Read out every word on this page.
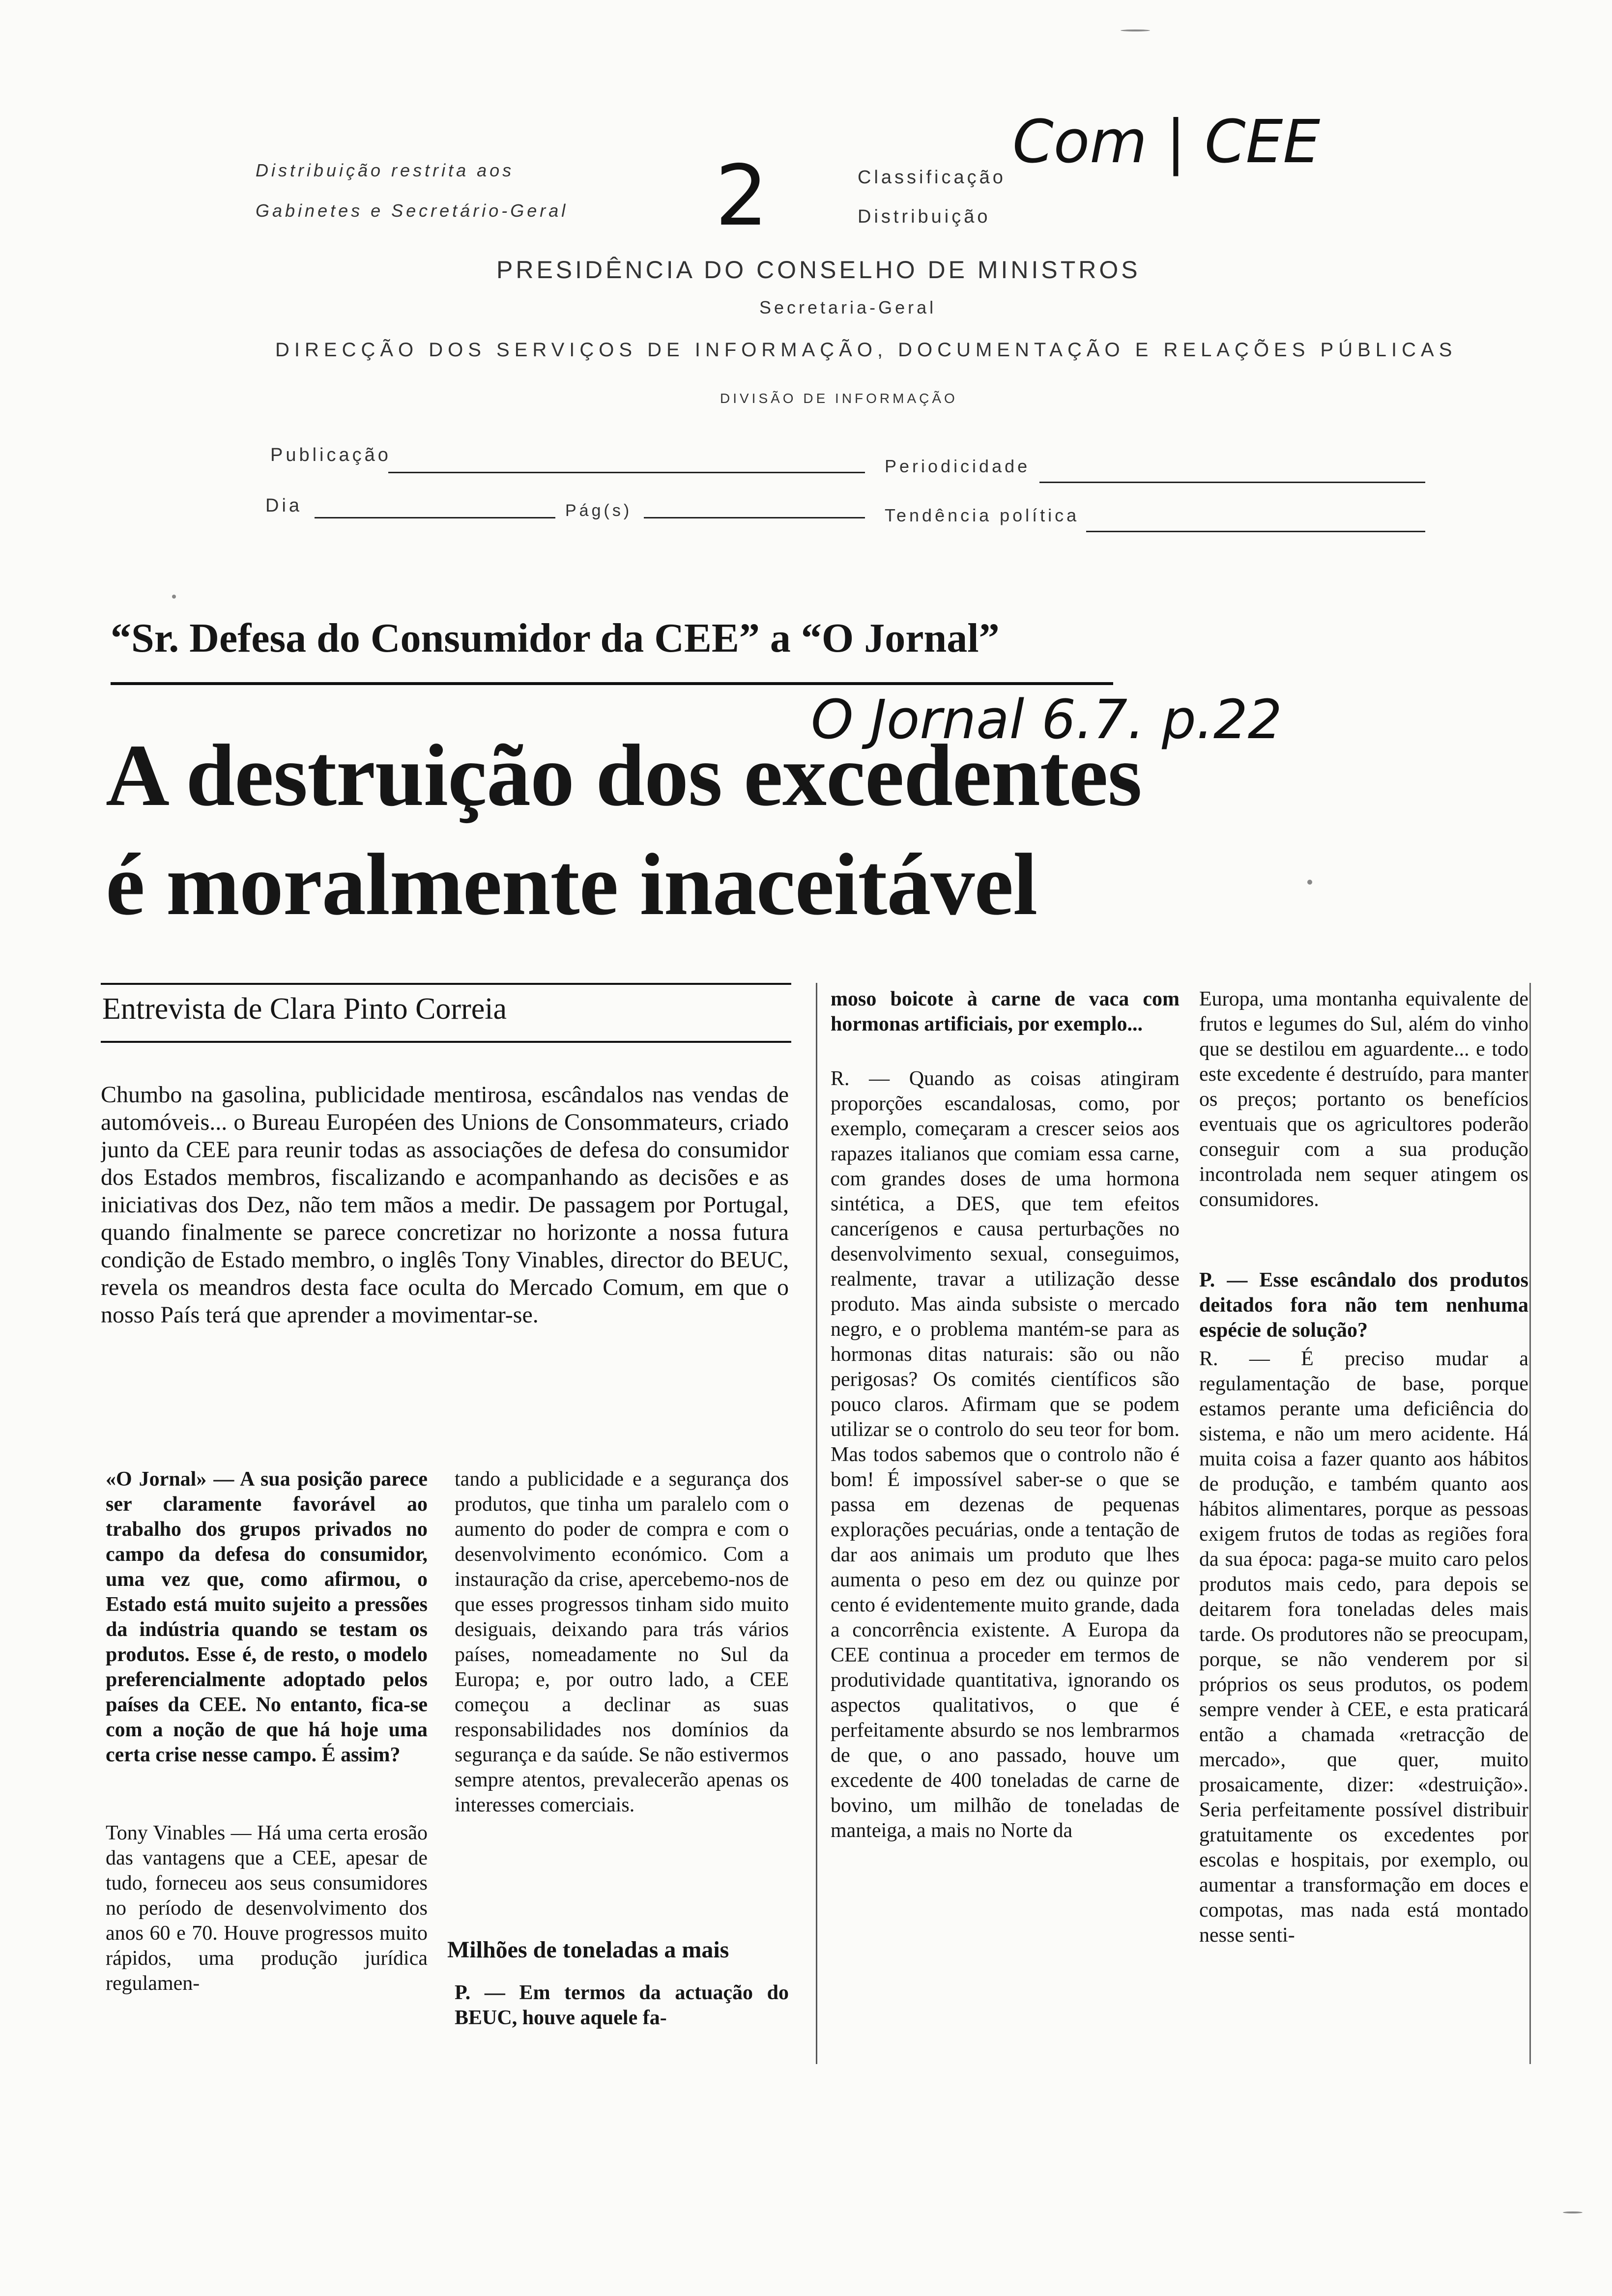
Distribuição restrita aos
Gabinetes e Secretário-Geral 2	Classificação
Distribuição
Com | CEE
PRESIDÊNCIA DO CONSELHO DE MINISTROS
Secretaria-Geral
DIRECÇÃO DOS SERVIÇOS DE INFORMAÇÃO, DOCUMENTAÇÃO E RELAÇÕES PÚBLICAS
DIVISÃO DE INFORMAÇÃO
Publicação
Periodicidade
Dia	Pág(s)	Tendência política
“Sr. Defesa do Consumidor da CEE” a “O Jornal”
O Jornal 6.7. p.22
A destruição dos excedentes
é moralmente inaceitável
Entrevista de Clara Pinto Correia
Chumbo na gasolina, publicidade mentirosa, escândalos nas vendas de automóveis... o Bureau Européen des Unions de Consommateurs, criado junto da CEE para reunir todas as associações de defesa do consumidor dos Estados membros, fiscalizando e acompanhando as decisões e as iniciativas dos Dez, não tem mãos a medir. De passagem por Portugal, quando finalmente se parece concretizar no horizonte a nossa futura condição de Estado membro, o inglês Tony Vinables, director do BEUC, revela os meandros desta face oculta do Mercado Comum, em que o nosso País terá que aprender a movimentar-se.
«O Jornal» — A sua posição parece ser claramente favorável ao trabalho dos grupos privados no campo da defesa do consumidor, uma vez que, como afirmou, o Estado está muito sujeito a pressões da indústria quando se testam os produtos. Esse é, de resto, o modelo preferencialmente adoptado pelos países da CEE. No entanto, fica-se com a noção de que há hoje uma certa crise nesse campo. É assim?
Tony Vinables — Há uma certa erosão das vantagens que a CEE, apesar de tudo, forneceu aos seus consumidores no período de desenvolvimento dos anos 60 e 70. Houve progressos muito rápidos, uma produção jurídica regulamen-
tando a publicidade e a segurança dos produtos, que tinha um paralelo com o aumento do poder de compra e com o desenvolvimento económico. Com a instauração da crise, apercebemo-nos de que esses progressos tinham sido muito desiguais, deixando para trás vários países, nomeadamente no Sul da Europa; e, por outro lado, a CEE começou a declinar as suas responsabilidades nos domínios da segurança e da saúde. Se não estivermos sempre atentos, prevalecerão apenas os interesses comerciais.
Milhões de toneladas a mais
P. — Em termos da actuação do BEUC, houve aquele fa-
moso boicote à carne de vaca com hormonas artificiais, por exemplo...
R. — Quando as coisas atingiram proporções escandalosas, como, por exemplo, começaram a crescer seios aos rapazes italianos que comiam essa carne, com grandes doses de uma hormona sintética, a DES, que tem efeitos cancerígenos e causa perturbações no desenvolvimento sexual, conseguimos, realmente, travar a utilização desse produto. Mas ainda subsiste o mercado negro, e o problema mantém-se para as hormonas ditas naturais: são ou não perigosas? Os comités científicos são pouco claros. Afirmam que se podem utilizar se o controlo do seu teor for bom. Mas todos sabemos que o controlo não é bom! É impossível saber-se o que se passa em dezenas de pequenas explorações pecuárias, onde a tentação de dar aos animais um produto que lhes aumenta o peso em dez ou quinze por cento é evidentemente muito grande, dada a concorrência existente. A Europa da CEE continua a proceder em termos de produtividade quantitativa, ignorando os aspectos qualitativos, o que é perfeitamente absurdo se nos lembrarmos de que, o ano passado, houve um excedente de 400 toneladas de carne de bovino, um milhão de toneladas de manteiga, a mais no Norte da
Europa, uma montanha equivalente de frutos e legumes do Sul, além do vinho que se destilou em aguardente... e todo este excedente é destruído, para manter os preços; portanto os benefícios eventuais que os agricultores poderão conseguir com a sua produção incontrolada nem sequer atingem os consumidores.
P. — Esse escândalo dos produtos deitados fora não tem nenhuma espécie de solução?
R. — É preciso mudar a regulamentação de base, porque estamos perante uma deficiência do sistema, e não um mero acidente. Há muita coisa a fazer quanto aos hábitos de produção, e também quanto aos hábitos alimentares, porque as pessoas exigem frutos de todas as regiões fora da sua época: paga-se muito caro pelos produtos mais cedo, para depois se deitarem fora toneladas deles mais tarde. Os produtores não se preocupam, porque, se não venderem por si próprios os seus produtos, os podem sempre vender à CEE, e esta praticará então a chamada «retracção de mercado», que quer, muito prosaicamente, dizer: «destruição». Seria perfeitamente possível distribuir gratuitamente os excedentes por escolas e hospitais, por exemplo, ou aumentar a transformação em doces e compotas, mas nada está montado nesse senti-
